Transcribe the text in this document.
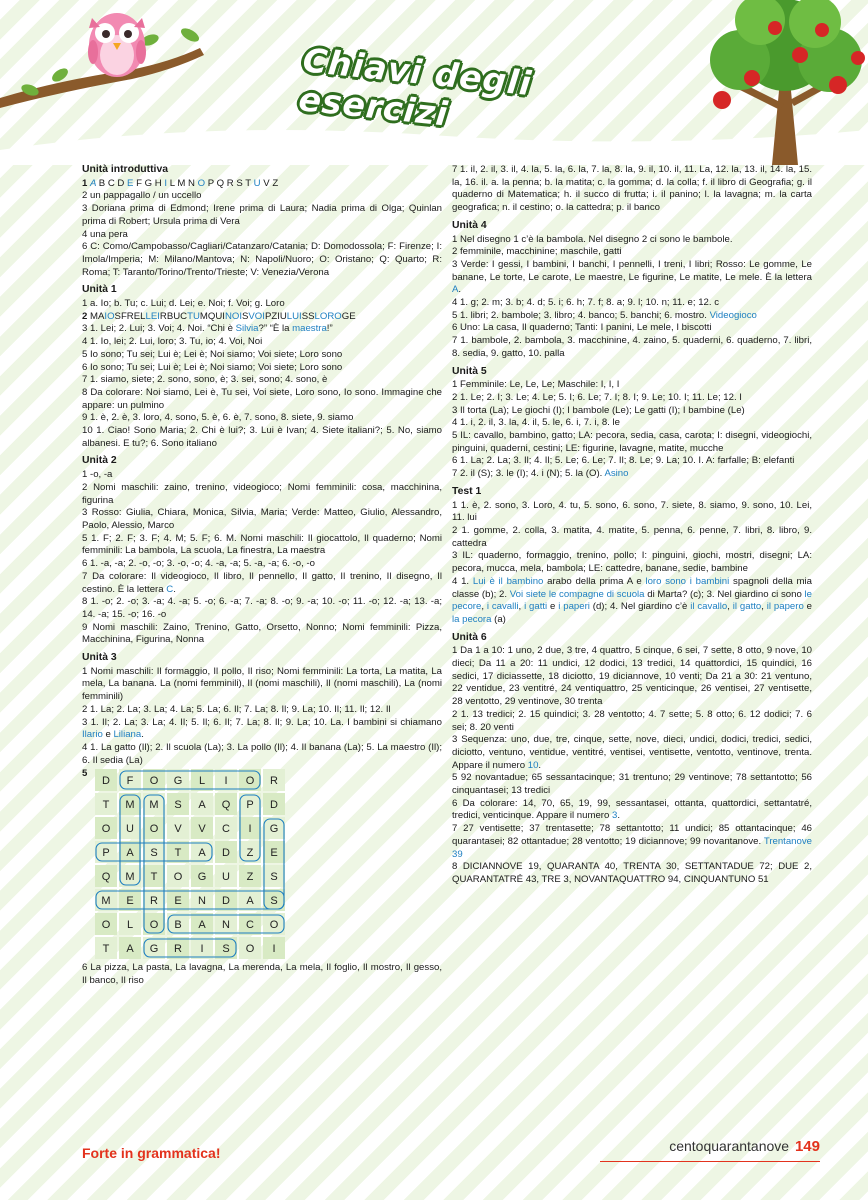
Chiavi degli esercizi
Unità introduttiva
1 A B C D E F G H I L M N O P Q R S T U V Z
2 un pappagallo / un uccello
3 Doriana prima di Edmond; Irene prima di Laura; Nadia prima di Olga; Quinlan prima di Robert; Ursula prima di Vera
4 una pera
6 C: Como/Campobasso/Cagliari/Catanzaro/Catania; D: Domodossola; F: Firenze; I: Imola/Imperia; M: Milano/Mantova; N: Napoli/Nuoro; O: Oristano; Q: Quarto; R: Roma; T: Taranto/Torino/Trento/Trieste; V: Venezia/Verona
Unità 1
1 a. Io; b. Tu; c. Lui; d. Lei; e. Noi; f. Voi; g. Loro
2 MAIOSFRELLEIRBUCTUMQUINOISVOIPZIULUISSLOROGE
3 1. Lei; 2. Lui; 3. Voi; 4. Noi. “Chi è Silvia?” “È la maestra!”
4 1. Io, lei; 2. Lui, loro; 3. Tu, io; 4. Voi, Noi
5 Io sono; Tu sei; Lui è; Lei è; Noi siamo; Voi siete; Loro sono
6 Io sono; Tu sei; Lui è; Lei è; Noi siamo; Voi siete; Loro sono
7 1. siamo, siete; 2. sono, sono, è; 3. sei, sono; 4. sono, è
8 Da colorare: Noi siamo, Lei è, Tu sei, Voi siete, Loro sono, Io sono. Immagine che appare: un pulmino
9 1. è, 2. è, 3. loro, 4. sono, 5. è, 6. è, 7. sono, 8. siete, 9. siamo
10 1. Ciao! Sono Maria; 2. Chi è lui?; 3. Lui è Ivan; 4. Siete italiani?; 5. No, siamo albanesi. E tu?; 6. Sono italiano
Unità 2
1 -o, -a
2 Nomi maschili: zaino, trenino, videogioco; Nomi femminili: cosa, macchinina, figurina
3 Rosso: Giulia, Chiara, Monica, Silvia, Maria; Verde: Matteo, Giulio, Alessandro, Paolo, Alessio, Marco
5 1. F; 2. F; 3. F; 4. M; 5. F; 6. M. Nomi maschili: Il giocattolo, Il quaderno; Nomi femminili: La bambola, La scuola, La finestra, La maestra
6 1. -a, -a; 2. -o, -o; 3. -o, -o; 4. -a, -a; 5. -a, -a; 6. -o, -o
7 Da colorare: Il videogioco, Il libro, Il pennello, Il gatto, Il trenino, Il disegno, Il cestino. È la lettera C.
8 1. -o; 2. -o; 3. -a; 4. -a; 5. -o; 6. -a; 7. -a; 8. -o; 9. -a; 10. -o; 11. -o; 12. -a; 13. -a; 14. -a; 15. -o; 16. -o
9 Nomi maschili: Zaino, Trenino, Gatto, Orsetto, Nonno; Nomi femminili: Pizza, Macchinina, Figurina, Nonna
Unità 3
1 Nomi maschili: Il formaggio, Il pollo, Il riso; Nomi femminili: La torta, La matita, La mela, La banana. La (nomi femminili), Il (nomi maschili), Il (nomi maschili), La (nomi femminili)
2 1. La; 2. La; 3. La; 4. La; 5. La; 6. Il; 7. La; 8. Il; 9. La; 10. Il; 11. Il; 12. Il
3 1. Il; 2. La; 3. La; 4. Il; 5. Il; 6. Il; 7. La; 8. Il; 9. La; 10. La. I bambini si chiamano Ilario e Liliana.
4 1. La gatto (Il); 2. Il scuola (La); 3. La pollo (Il); 4. Il banana (La); 5. La maestro (Il); 6. Il sedia (La)
5
D F O G L I O R
T M M S A Q P D
O U O V V C I G
P A S T A D Z E
Q M T O G U Z S
M E R E N D A S
O L O B A N C O
T A G R I S O I
6 La pizza, La pasta, La lavagna, La merenda, La mela, Il foglio, Il mostro, Il gesso, Il banco, Il riso
7 1. il, 2. il, 3. il, 4. la, 5. la, 6. la, 7. la, 8. la, 9. il, 10. il, 11. La, 12. la, 13. il, 14. la, 15. la, 16. il. a. la penna; b. la matita; c. la gomma; d. la colla; f. il libro di Geografia; g. il quaderno di Matematica; h. il succo di frutta; i. il panino; l. la lavagna; m. la carta geografica; n. il cestino; o. la cattedra; p. il banco
Unità 4
1 Nel disegno 1 c’è la bambola. Nel disegno 2 ci sono le bambole.
2 femminile, macchinine; maschile, gatti
3 Verde: I gessi, I bambini, I banchi, I pennelli, I treni, I libri; Rosso: Le gomme, Le banane, Le torte, Le carote, Le maestre, Le figurine, Le matite, Le mele. È la lettera A.
4 1. g; 2. m; 3. b; 4. d; 5. i; 6. h; 7. f; 8. a; 9. l; 10. n; 11. e; 12. c
5 1. libri; 2. bambole; 3. libro; 4. banco; 5. banchi; 6. mostro. Videogioco
6 Uno: La casa, Il quaderno; Tanti: I panini, Le mele, I biscotti
7 1. bambole, 2. bambola, 3. macchinine, 4. zaino, 5. quaderni, 6. quaderno, 7. libri, 8. sedia, 9. gatto, 10. palla
Unità 5
1 Femminile: Le, Le, Le; Maschile: I, I, I
2 1. Le; 2. I; 3. Le; 4. Le; 5. I; 6. Le; 7. I; 8. I; 9. Le; 10. I; 11. Le; 12. I
3 Il torta (La); Le giochi (I); I bambole (Le); Le gatti (I); I bambine (Le)
4 1. i, 2. il, 3. la, 4. il, 5. le, 6. i, 7. i, 8. le
5 IL: cavallo, bambino, gatto; LA: pecora, sedia, casa, carota; I: disegni, videogiochi, pinguini, quaderni, cestini; LE: figurine, lavagne, matite, mucche
6 1. La; 2. La; 3. Il; 4. Il; 5. Le; 6. Le; 7. Il; 8. Le; 9. La; 10. I. A: farfalle; B: elefanti
7 2. il (S); 3. le (I); 4. i (N); 5. la (O). Asino
Test 1
1 1. è, 2. sono, 3. Loro, 4. tu, 5. sono, 6. sono, 7. siete, 8. siamo, 9. sono, 10. Lei, 11. lui
2 1. gomme, 2. colla, 3. matita, 4. matite, 5. penna, 6. penne, 7. libri, 8. libro, 9. cattedra
3 IL: quaderno, formaggio, trenino, pollo; I: pinguini, giochi, mostri, disegni; LA: pecora, mucca, mela, bambola; LE: cattedre, banane, sedie, bambine
4 1. Lui è il bambino arabo della prima A e loro sono i bambini spagnoli della mia classe (b); 2. Voi siete le compagne di scuola di Marta? (c); 3. Nel giardino ci sono le pecore, i cavalli, i gatti e i paperi (d); 4. Nel giardino c’è il cavallo, il gatto, il papero e la pecora (a)
Unità 6
1 Da 1 a 10: 1 uno, 2 due, 3 tre, 4 quattro, 5 cinque, 6 sei, 7 sette, 8 otto, 9 nove, 10 dieci; Da 11 a 20: 11 undici, 12 dodici, 13 tredici, 14 quattordici, 15 quindici, 16 sedici, 17 diciassette, 18 diciotto, 19 diciannove, 10 venti; Da 21 a 30: 21 ventuno, 22 ventidue, 23 ventitré, 24 ventiquattro, 25 venticinque, 26 ventisei, 27 ventisette, 28 ventotto, 29 ventinove, 30 trenta
2 1. 13 tredici; 2. 15 quindici; 3. 28 ventotto; 4. 7 sette; 5. 8 otto; 6. 12 dodici; 7. 6 sei; 8. 20 venti
3 Sequenza: uno, due, tre, cinque, sette, nove, dieci, undici, dodici, tredici, sedici, diciotto, ventuno, ventidue, ventitré, ventisei, ventisette, ventotto, ventinove, trenta. Appare il numero 10.
5 92 novantadue; 65 sessantacinque; 31 trentuno; 29 ventinove; 78 settantotto; 56 cinquantasei; 13 tredici
6 Da colorare: 14, 70, 65, 19, 99, sessantasei, ottanta, quattordici, settantatré, tredici, venticinque. Appare il numero 3.
7 27 ventisette; 37 trentasette; 78 settantotto; 11 undici; 85 ottantacinque; 46 quarantasei; 82 ottantadue; 28 ventotto; 19 diciannove; 99 novantanove. Trentanove 39
8 DICIANNOVE 19, QUARANTA 40, TRENTA 30, SETTANTADUE 72; DUE 2, QUARANTATRÉ 43, TRE 3, NOVANTAQUATTRO 94, CINQUANTUNO 51
Forte in grammatica!	centoquarantanove 149
